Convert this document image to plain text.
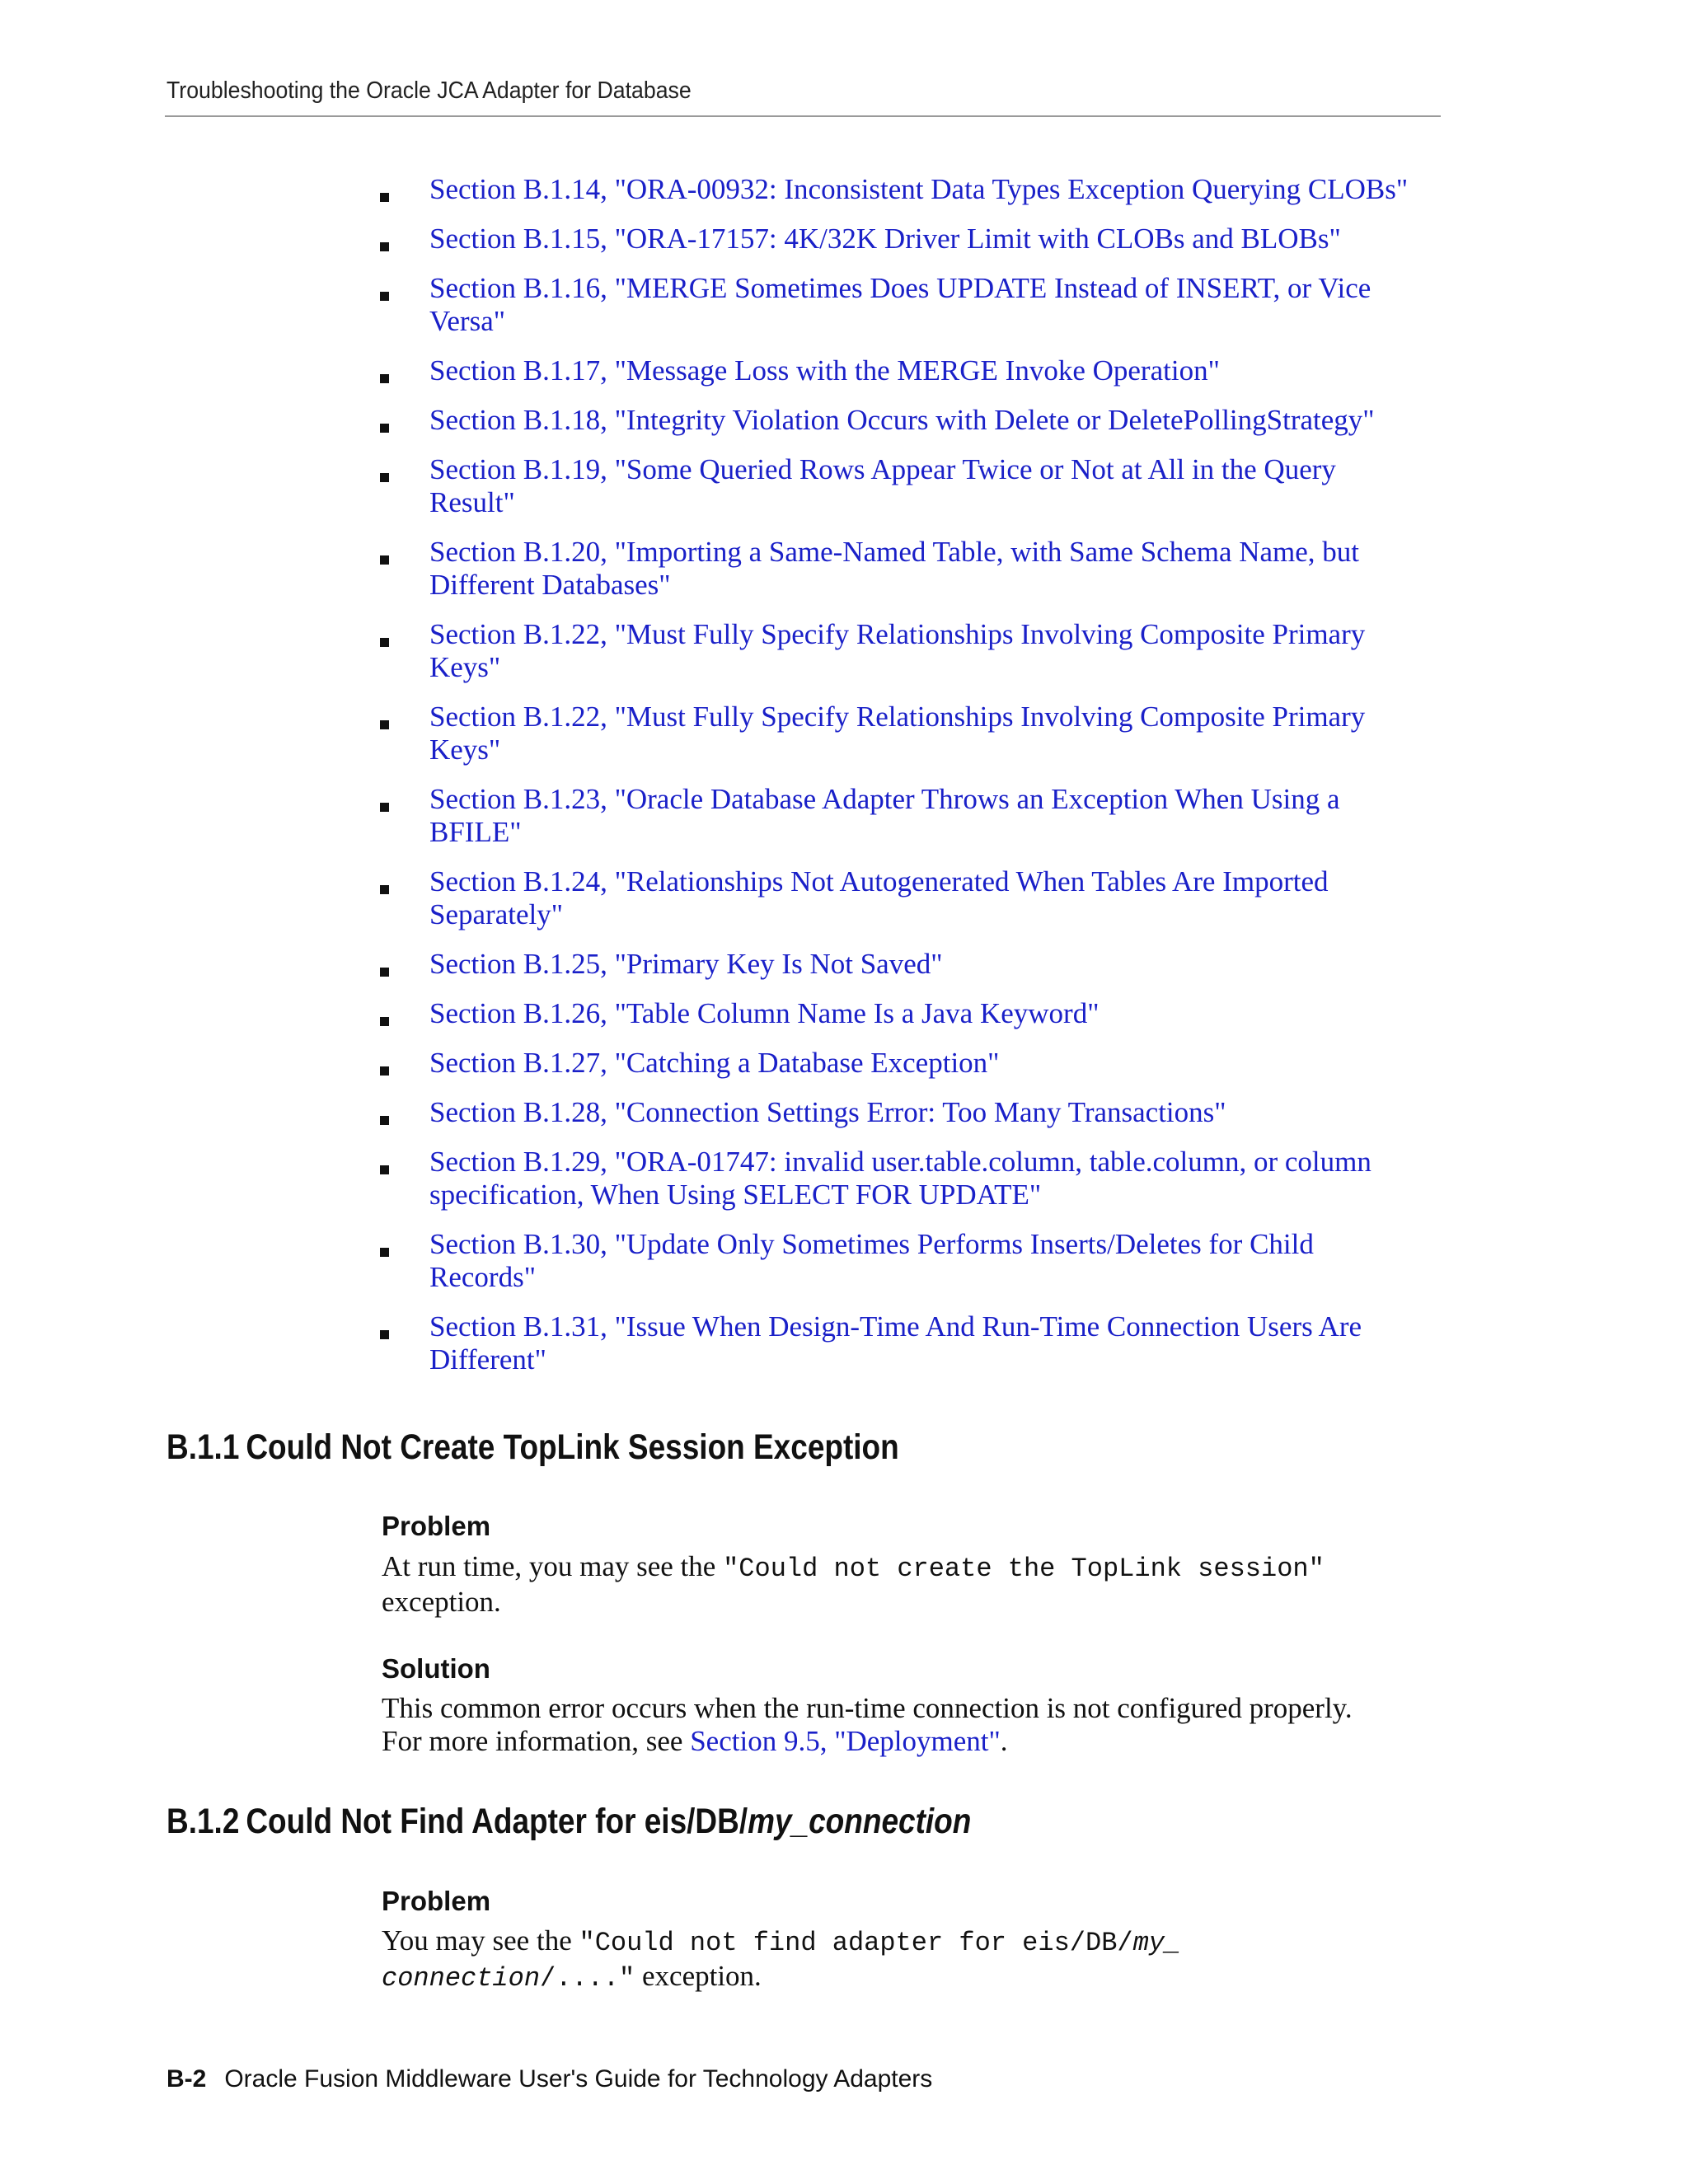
Troubleshooting the Oracle JCA Adapter for Database
Section B.1.14, "ORA-00932: Inconsistent Data Types Exception Querying CLOBs"
Section B.1.15, "ORA-17157: 4K/32K Driver Limit with CLOBs and BLOBs"
Section B.1.16, "MERGE Sometimes Does UPDATE Instead of INSERT, or Vice
Versa"
Section B.1.17, "Message Loss with the MERGE Invoke Operation"
Section B.1.18, "Integrity Violation Occurs with Delete or DeletePollingStrategy"
Section B.1.19, "Some Queried Rows Appear Twice or Not at All in the Query
Result"
Section B.1.20, "Importing a Same-Named Table, with Same Schema Name, but
Different Databases"
Section B.1.22, "Must Fully Specify Relationships Involving Composite Primary
Keys"
Section B.1.22, "Must Fully Specify Relationships Involving Composite Primary
Keys"
Section B.1.23, "Oracle Database Adapter Throws an Exception When Using a
BFILE"
Section B.1.24, "Relationships Not Autogenerated When Tables Are Imported
Separately"
Section B.1.25, "Primary Key Is Not Saved"
Section B.1.26, "Table Column Name Is a Java Keyword"
Section B.1.27, "Catching a Database Exception"
Section B.1.28, "Connection Settings Error: Too Many Transactions"
Section B.1.29, "ORA-01747: invalid user.table.column, table.column, or column
specification, When Using SELECT FOR UPDATE"
Section B.1.30, "Update Only Sometimes Performs Inserts/Deletes for Child
Records"
Section B.1.31, "Issue When Design-Time And Run-Time Connection Users Are
Different"
B.1.1 Could Not Create TopLink Session Exception
Problem
At run time, you may see the "Could not create the TopLink session"
exception.
Solution
This common error occurs when the run-time connection is not configured properly.
For more information, see Section 9.5, "Deployment".
B.1.2 Could Not Find Adapter for eis/DB/my_connection
Problem
You may see the "Could not find adapter for eis/DB/my_
connection/...." exception.
B-2 Oracle Fusion Middleware User's Guide for Technology Adapters
